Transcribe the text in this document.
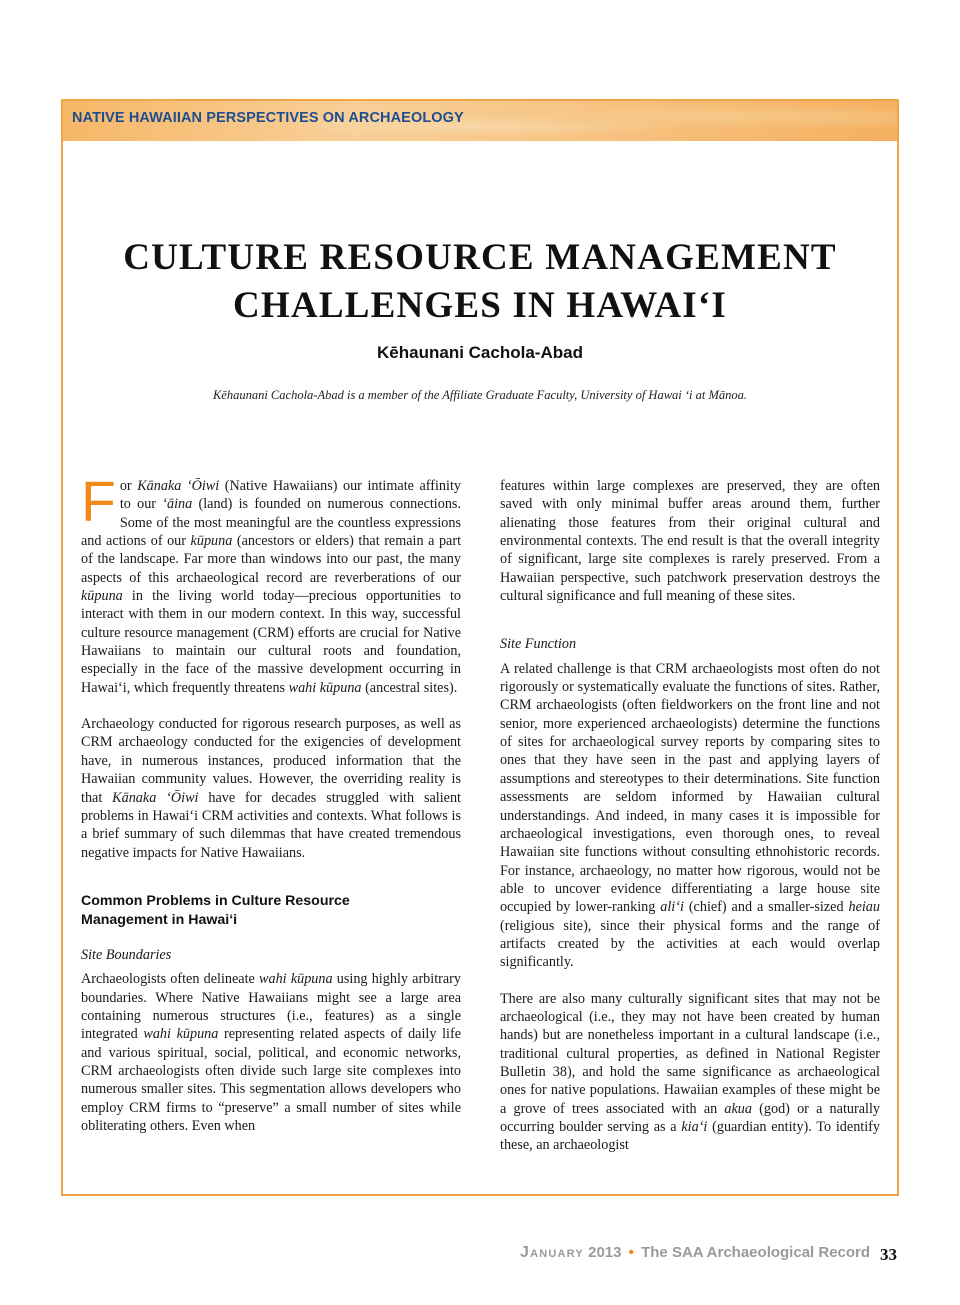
NATIVE HAWAIIAN PERSPECTIVES ON ARCHAEOLOGY
CULTURE RESOURCE MANAGEMENT
CHALLENGES IN HAWAI‘I
Kēhaunani Cachola-Abad
Kēhaunani Cachola-Abad is a member of the Affiliate Graduate Faculty, University of Hawai ‘i at Mānoa.

For Kānaka ‘Ōiwi (Native Hawaiians) our intimate affinity to our ‘āina (land) is founded on numerous connections. Some of the most meaningful are the countless expressions and actions of our kūpuna (ancestors or elders) that remain a part of the landscape. Far more than windows into our past, the many aspects of this archaeological record are reverberations of our kūpuna in the living world today—precious opportunities to interact with them in our modern context. In this way, successful culture resource management (CRM) efforts are crucial for Native Hawaiians to maintain our cultural roots and foundation, especially in the face of the massive development occurring in Hawai‘i, which frequently threatens wahi kūpuna (ancestral sites).

Archaeology conducted for rigorous research purposes, as well as CRM archaeology conducted for the exigencies of development have, in numerous instances, produced information that the Hawaiian community values. However, the overriding reality is that Kānaka ‘Ōiwi have for decades struggled with salient problems in Hawai‘i CRM activities and contexts. What follows is a brief summary of such dilemmas that have created tremendous negative impacts for Native Hawaiians.

Common Problems in Culture Resource
Management in Hawai‘i
Site Boundaries

Archaeologists often delineate wahi kūpuna using highly arbitrary boundaries. Where Native Hawaiians might see a large area containing numerous structures (i.e., features) as a single integrated wahi kūpuna representing related aspects of daily life and various spiritual, social, political, and economic networks, CRM archaeologists often divide such large site complexes into numerous smaller sites. This segmentation allows developers who employ CRM firms to “preserve” a small number of sites while obliterating others. Even when

features within large complexes are preserved, they are often saved with only minimal buffer areas around them, further alienating those features from their original cultural and environmental contexts. The end result is that the overall integrity of significant, large site complexes is rarely preserved. From a Hawaiian perspective, such patchwork preservation destroys the cultural significance and full meaning of these sites.

Site Function

A related challenge is that CRM archaeologists most often do not rigorously or systematically evaluate the functions of sites. Rather, CRM archaeologists (often fieldworkers on the front line and not senior, more experienced archaeologists) determine the functions of sites for archaeological survey reports by comparing sites to ones that they have seen in the past and applying layers of assumptions and stereotypes to their determinations. Site function assessments are seldom informed by Hawaiian cultural understandings. And indeed, in many cases it is impossible for archaeological investigations, even thorough ones, to reveal Hawaiian site functions without consulting ethnohistoric records. For instance, archaeology, no matter how rigorous, would not be able to uncover evidence differentiating a large house site occupied by lower-ranking ali‘i (chief) and a smaller-sized heiau (religious site), since their physical forms and the range of artifacts created by the activities at each would overlap significantly.

There are also many culturally significant sites that may not be archaeological (i.e., they may not have been created by human hands) but are nonetheless important in a cultural landscape (i.e., traditional cultural properties, as defined in National Register Bulletin 38), and hold the same significance as archaeological ones for native populations. Hawaiian examples of these might be a grove of trees associated with an akua (god) or a naturally occurring boulder serving as a kia‘i (guardian entity). To identify these, an archaeologist

January 2013 • The SAA Archaeological Record 33
